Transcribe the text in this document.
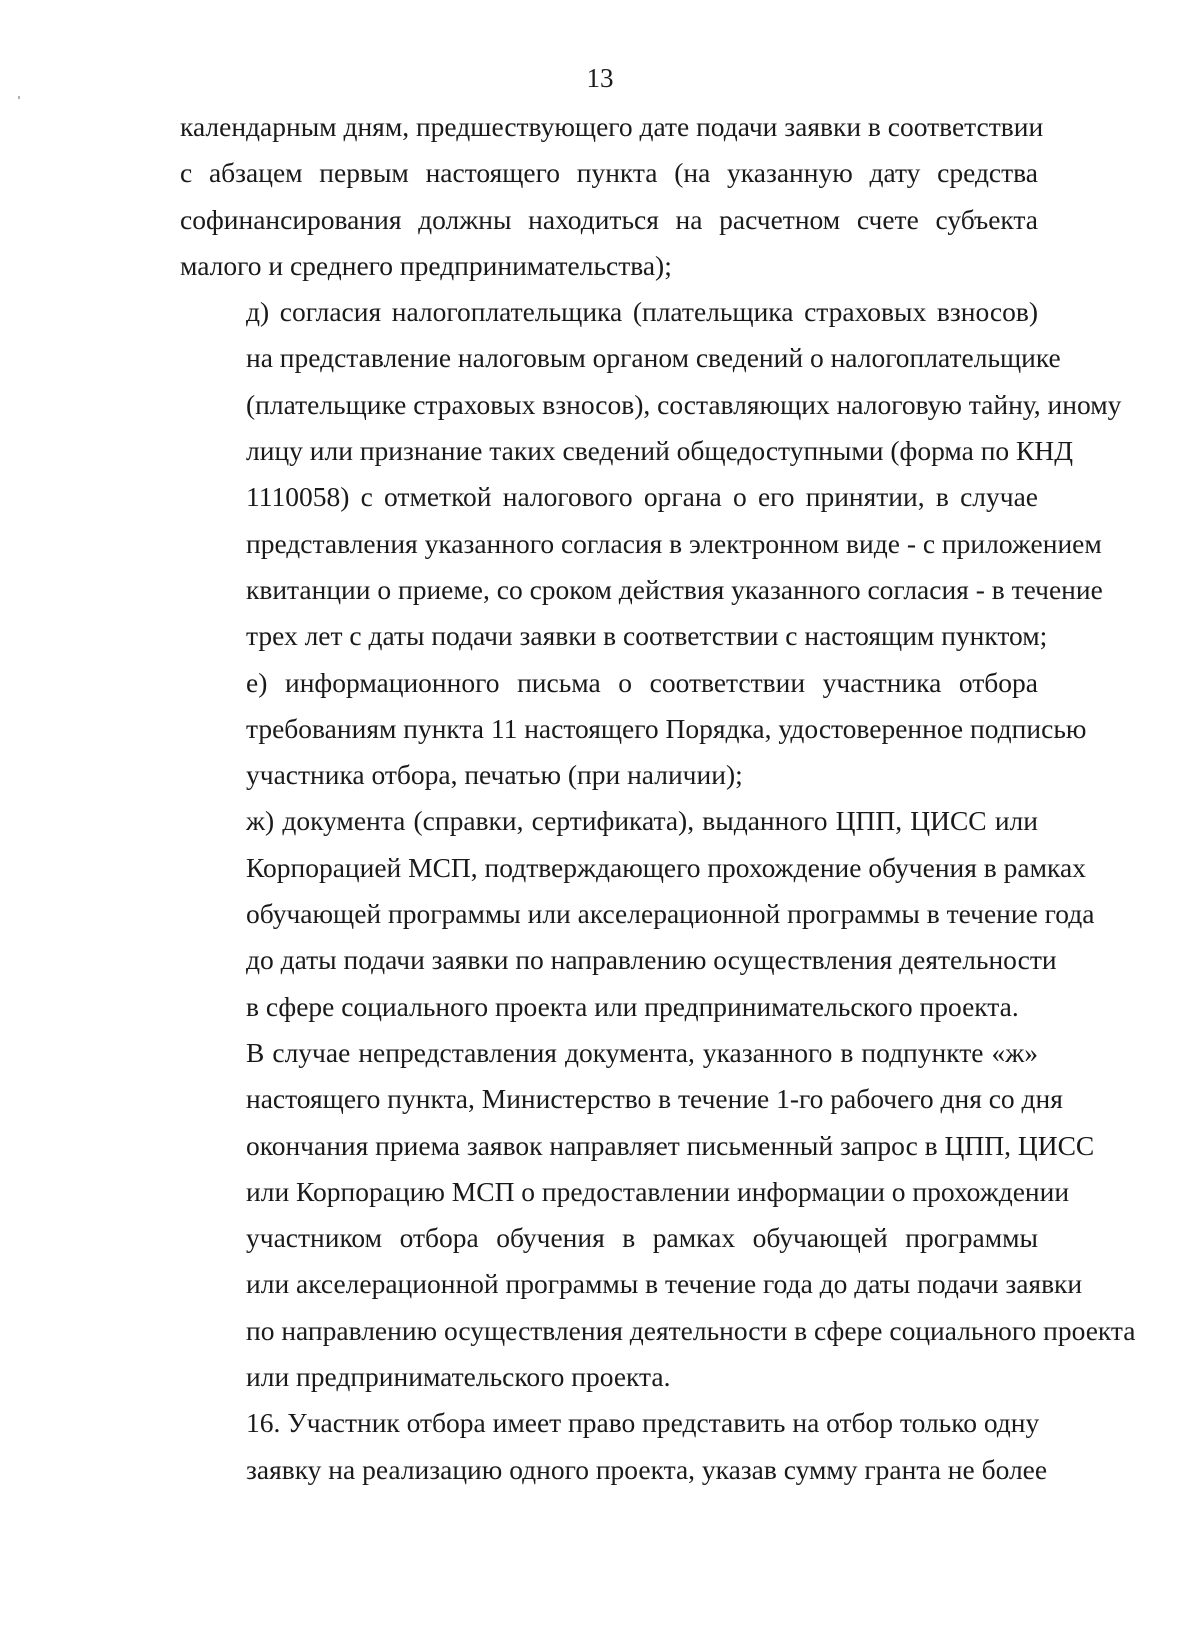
13

календарным дням, предшествующего дате подачи заявки в соответствии
с абзацем первым настоящего пункта (на указанную дату средства
софинансирования должны находиться на расчетном счете субъекта
малого и среднего предпринимательства);

д) согласия налогоплательщика (плательщика страховых взносов)
на представление налоговым органом сведений о налогоплательщике
(плательщике страховых взносов), составляющих налоговую тайну, иному
лицу или признание таких сведений общедоступными (форма по КНД
1110058) с отметкой налогового органа о его принятии, в случае
представления указанного согласия в электронном виде - с приложением
квитанции о приеме, со сроком действия указанного согласия - в течение
трех лет с даты подачи заявки в соответствии с настоящим пунктом;

е) информационного письма о соответствии участника отбора
требованиям пункта 11 настоящего Порядка, удостоверенное подписью
участника отбора, печатью (при наличии);

ж) документа (справки, сертификата), выданного ЦПП, ЦИСС или
Корпорацией МСП, подтверждающего прохождение обучения в рамках
обучающей программы или акселерационной программы в течение года
до даты подачи заявки по направлению осуществления деятельности
в сфере социального проекта или предпринимательского проекта.

В случае непредставления документа, указанного в подпункте «ж»
настоящего пункта, Министерство в течение 1-го рабочего дня со дня
окончания приема заявок направляет письменный запрос в ЦПП, ЦИСС
или Корпорацию МСП о предоставлении информации о прохождении
участником отбора обучения в рамках обучающей программы
или акселерационной программы в течение года до даты подачи заявки
по направлению осуществления деятельности в сфере социального проекта
или предпринимательского проекта.

16. Участник отбора имеет право представить на отбор только одну
заявку на реализацию одного проекта, указав сумму гранта не более
